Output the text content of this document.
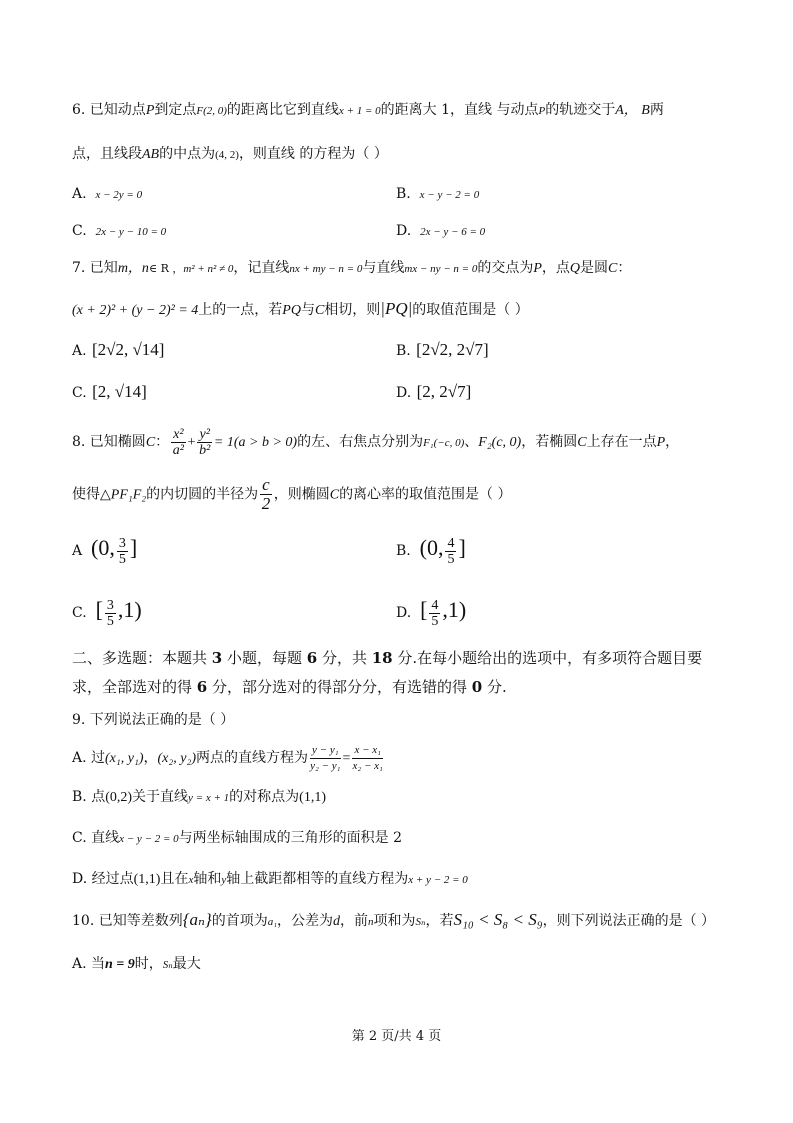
6. 已知动点P到定点F(2, 0)的距离比它到直线x + 1 = 0的距离大 1，直线 与动点P的轨迹交于A， B两
点，且线段AB的中点为(4, 2)，则直线 的方程为（ ）
A. x − 2y = 0	B. x − y − 2 = 0
C. 2x − y − 10 = 0	D. 2x − y − 6 = 0
7. 已知m，n∈ R ，m² + n² ≠ 0，记直线nx + my − n = 0与直线mx − ny − n = 0的交点为P，点Q是圆C：
(x + 2)² + (y − 2)² = 4上的一点，若PQ与C相切，则|PQ|的取值范围是（ ）
A. [2√2, √14]	B. [2√2, 2√7]
C. [2, √14]	D. [2, 2√7]
8. 已知椭圆C： $\frac{\text{x²}}{\text{a²}} + \frac{\text{y²}}{\text{b²}} = 1(a > b > 0)$的左、右焦点分别为F₁(−c, 0)、F₂(c, 0)，若椭圆C上存在一点P，
使得△PF₁F₂的内切圆的半径为 $\frac{c}{2}$ ，则椭圆C的离心率的取值范围是（ ）
A (0, $\frac{3}{5}$ ]	B. (0, $\frac{4}{5}$ ]
C. [ $\frac{3}{5} ,1$)	D. [ $\frac{4}{5} ,1$)
二、多选题：本题共 3 小题，每题 6 分，共 18 分.在每小题给出的选项中，有多项符合题目要
求，全部选对的得 6 分，部分选对的得部分分，有选错的得 0 分.
9. 下列说法正确的是（ ）
A. 过(x₁, y₁)，(x₂, y₂)两点的直线方程为 $\frac{\text{y − y₁}}{\text{y₂ − y₁}} = \frac{\text{x − x₁}}{\text{x₂ − x₁}}$
B. 点(0,2)关于直线y = x + 1的对称点为(1,1)
C. 直线x − y − 2 = 0与两坐标轴围成的三角形的面积是 2
D. 经过点(1,1)且在x轴和y轴上截距都相等的直线方程为x + y − 2 = 0
10. 已知等差数列{aₙ}的首项为a₁，公差为d，前n项和为Sₙ，若S₁₀ < S₈ < S₉，则下列说法正确的是（ ）
A. 当n = 9时，Sₙ最大
第 2 页/共 4 页
